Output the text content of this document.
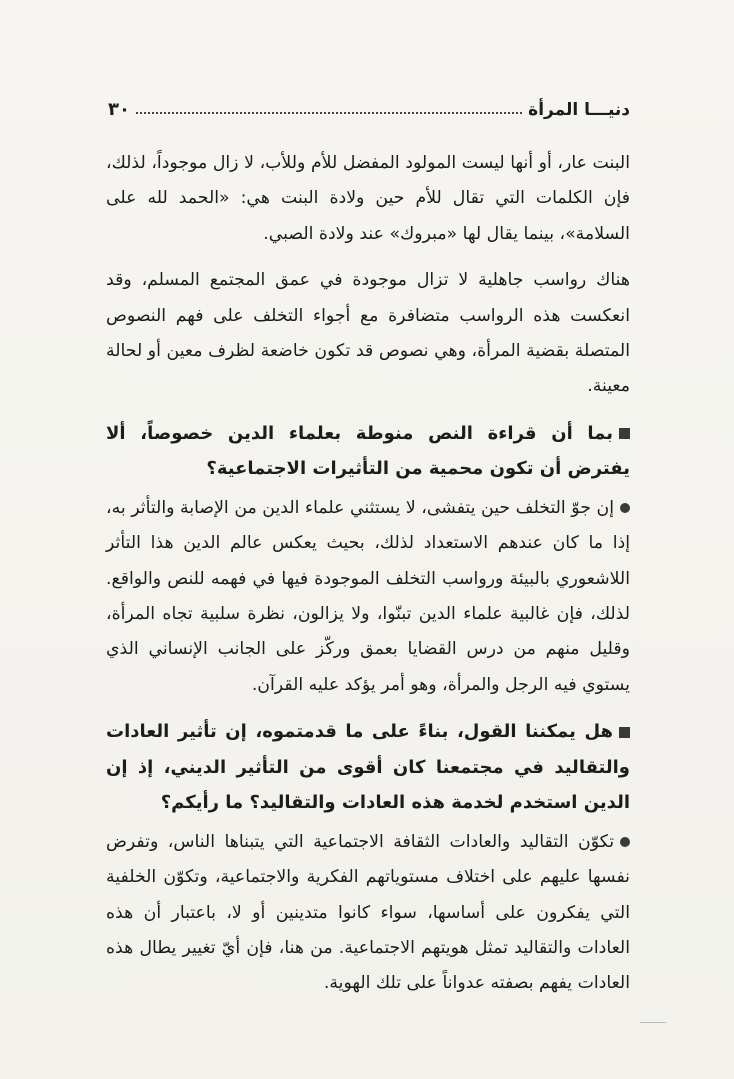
دنيـــا المرأة
٣٠

البنت عار، أو أنها ليست المولود المفضل للأم وللأب، لا زال موجوداً، لذلك، فإن الكلمات التي تقال للأم حين ولادة البنت هي: «الحمد لله على السلامة»، بينما يقال لها «مبروك» عند ولادة الصبي.

هناك رواسب جاهلية لا تزال موجودة في عمق المجتمع المسلم، وقد انعكست هذه الرواسب متضافرة مع أجواء التخلف على فهم النصوص المتصلة بقضية المرأة، وهي نصوص قد تكون خاضعة لظرف معين أو لحالة معينة.

بما أن قراءة النص منوطة بعلماء الدين خصوصاً، ألا يفترض أن تكون محمية من التأثيرات الاجتماعية؟

إن جوّ التخلف حين يتفشى، لا يستثني علماء الدين من الإصابة والتأثر به، إذا ما كان عندهم الاستعداد لذلك، بحيث يعكس عالم الدين هذا التأثر اللاشعوري بالبيئة ورواسب التخلف الموجودة فيها في فهمه للنص والواقع. لذلك، فإن غالبية علماء الدين تبنّوا، ولا يزالون، نظرة سلبية تجاه المرأة، وقليل منهم من درس القضايا بعمق وركّز على الجانب الإنساني الذي يستوي فيه الرجل والمرأة، وهو أمر يؤكد عليه القرآن.

هل يمكننا القول، بناءً على ما قدمتموه، إن تأثير العادات والتقاليد في مجتمعنا كان أقوى من التأثير الديني، إذ إن الدين استخدم لخدمة هذه العادات والتقاليد؟ ما رأيكم؟

تكوّن التقاليد والعادات الثقافة الاجتماعية التي يتبناها الناس، وتفرض نفسها عليهم على اختلاف مستوياتهم الفكرية والاجتماعية، وتكوّن الخلفية التي يفكرون على أساسها، سواء كانوا متدينين أو لا، باعتبار أن هذه العادات والتقاليد تمثل هويتهم الاجتماعية. من هنا، فإن أيّ تغيير يطال هذه العادات يفهم بصفته عدواناً على تلك الهوية.
